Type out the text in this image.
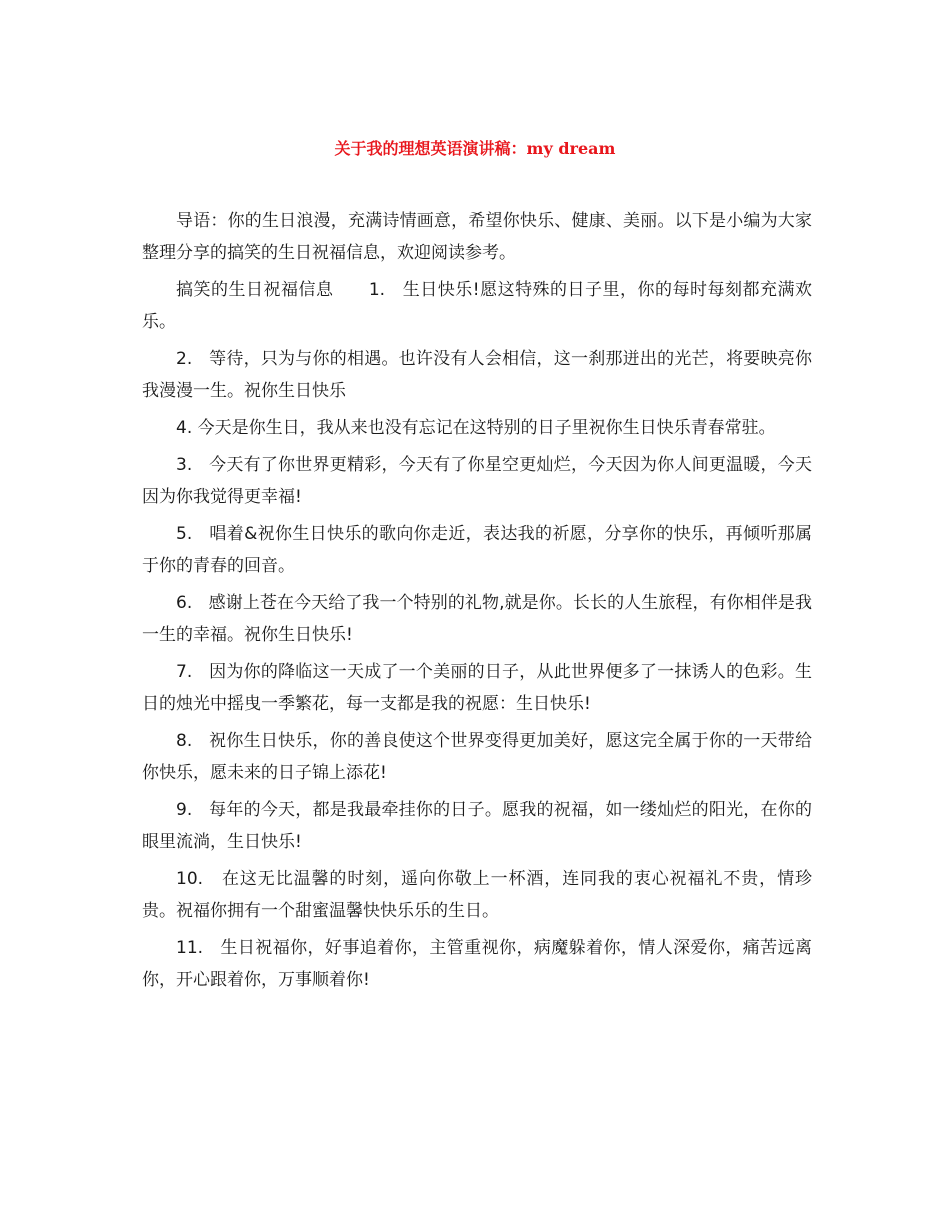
关于我的理想英语演讲稿：my dream

导语：你的生日浪漫，充满诗情画意，希望你快乐、健康、美丽。以下是小编为大家整理分享的搞笑的生日祝福信息，欢迎阅读参考。

搞笑的生日祝福信息      1.   生日快乐!愿这特殊的日子里，你的每时每刻都充满欢乐。

2.   等待，只为与你的相遇。也许没有人会相信，这一刹那迸出的光芒，将要映亮你我漫漫一生。祝你生日快乐

4. 今天是你生日，我从来也没有忘记在这特别的日子里祝你生日快乐青春常驻。

3.   今天有了你世界更精彩，今天有了你星空更灿烂，今天因为你人间更温暖，今天因为你我觉得更幸福!

5.   唱着&祝你生日快乐的歌向你走近，表达我的祈愿，分享你的快乐，再倾听那属于你的青春的回音。

6.   感谢上苍在今天给了我一个特别的礼物,就是你。长长的人生旅程，有你相伴是我一生的幸福。祝你生日快乐!

7.   因为你的降临这一天成了一个美丽的日子，从此世界便多了一抹诱人的色彩。生日的烛光中摇曳一季繁花，每一支都是我的祝愿：生日快乐!

8.   祝你生日快乐，你的善良使这个世界变得更加美好，愿这完全属于你的一天带给你快乐，愿未来的日子锦上添花!

9.   每年的今天，都是我最牵挂你的日子。愿我的祝福，如一缕灿烂的阳光，在你的眼里流淌，生日快乐!

10.   在这无比温馨的时刻，遥向你敬上一杯酒，连同我的衷心祝福礼不贵，情珍贵。祝福你拥有一个甜蜜温馨快快乐乐的生日。

11.   生日祝福你，好事追着你，主管重视你，病魔躲着你，情人深爱你，痛苦远离你，开心跟着你，万事顺着你!
